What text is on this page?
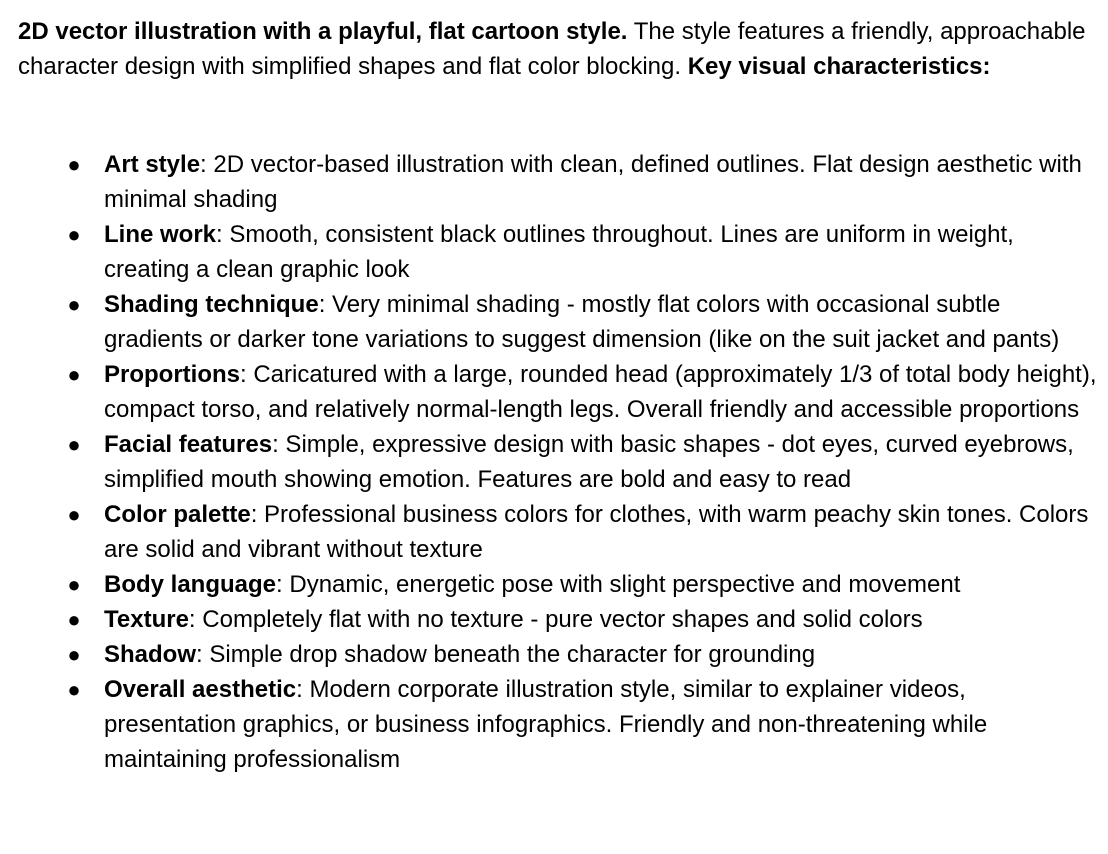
2D vector illustration with a playful, flat cartoon style. The style features a friendly, approachable character design with simplified shapes and flat color blocking. Key visual characteristics:

● Art style: 2D vector-based illustration with clean, defined outlines. Flat design aesthetic with minimal shading
● Line work: Smooth, consistent black outlines throughout. Lines are uniform in weight, creating a clean graphic look
● Shading technique: Very minimal shading - mostly flat colors with occasional subtle gradients or darker tone variations to suggest dimension (like on the suit jacket and pants)
● Proportions: Caricatured with a large, rounded head (approximately 1/3 of total body height), compact torso, and relatively normal-length legs. Overall friendly and accessible proportions
● Facial features: Simple, expressive design with basic shapes - dot eyes, curved eyebrows, simplified mouth showing emotion. Features are bold and easy to read
● Color palette: Professional business colors for clothes, with warm peachy skin tones. Colors are solid and vibrant without texture
● Body language: Dynamic, energetic pose with slight perspective and movement
● Texture: Completely flat with no texture - pure vector shapes and solid colors
● Shadow: Simple drop shadow beneath the character for grounding
● Overall aesthetic: Modern corporate illustration style, similar to explainer videos, presentation graphics, or business infographics. Friendly and non-threatening while maintaining professionalism
